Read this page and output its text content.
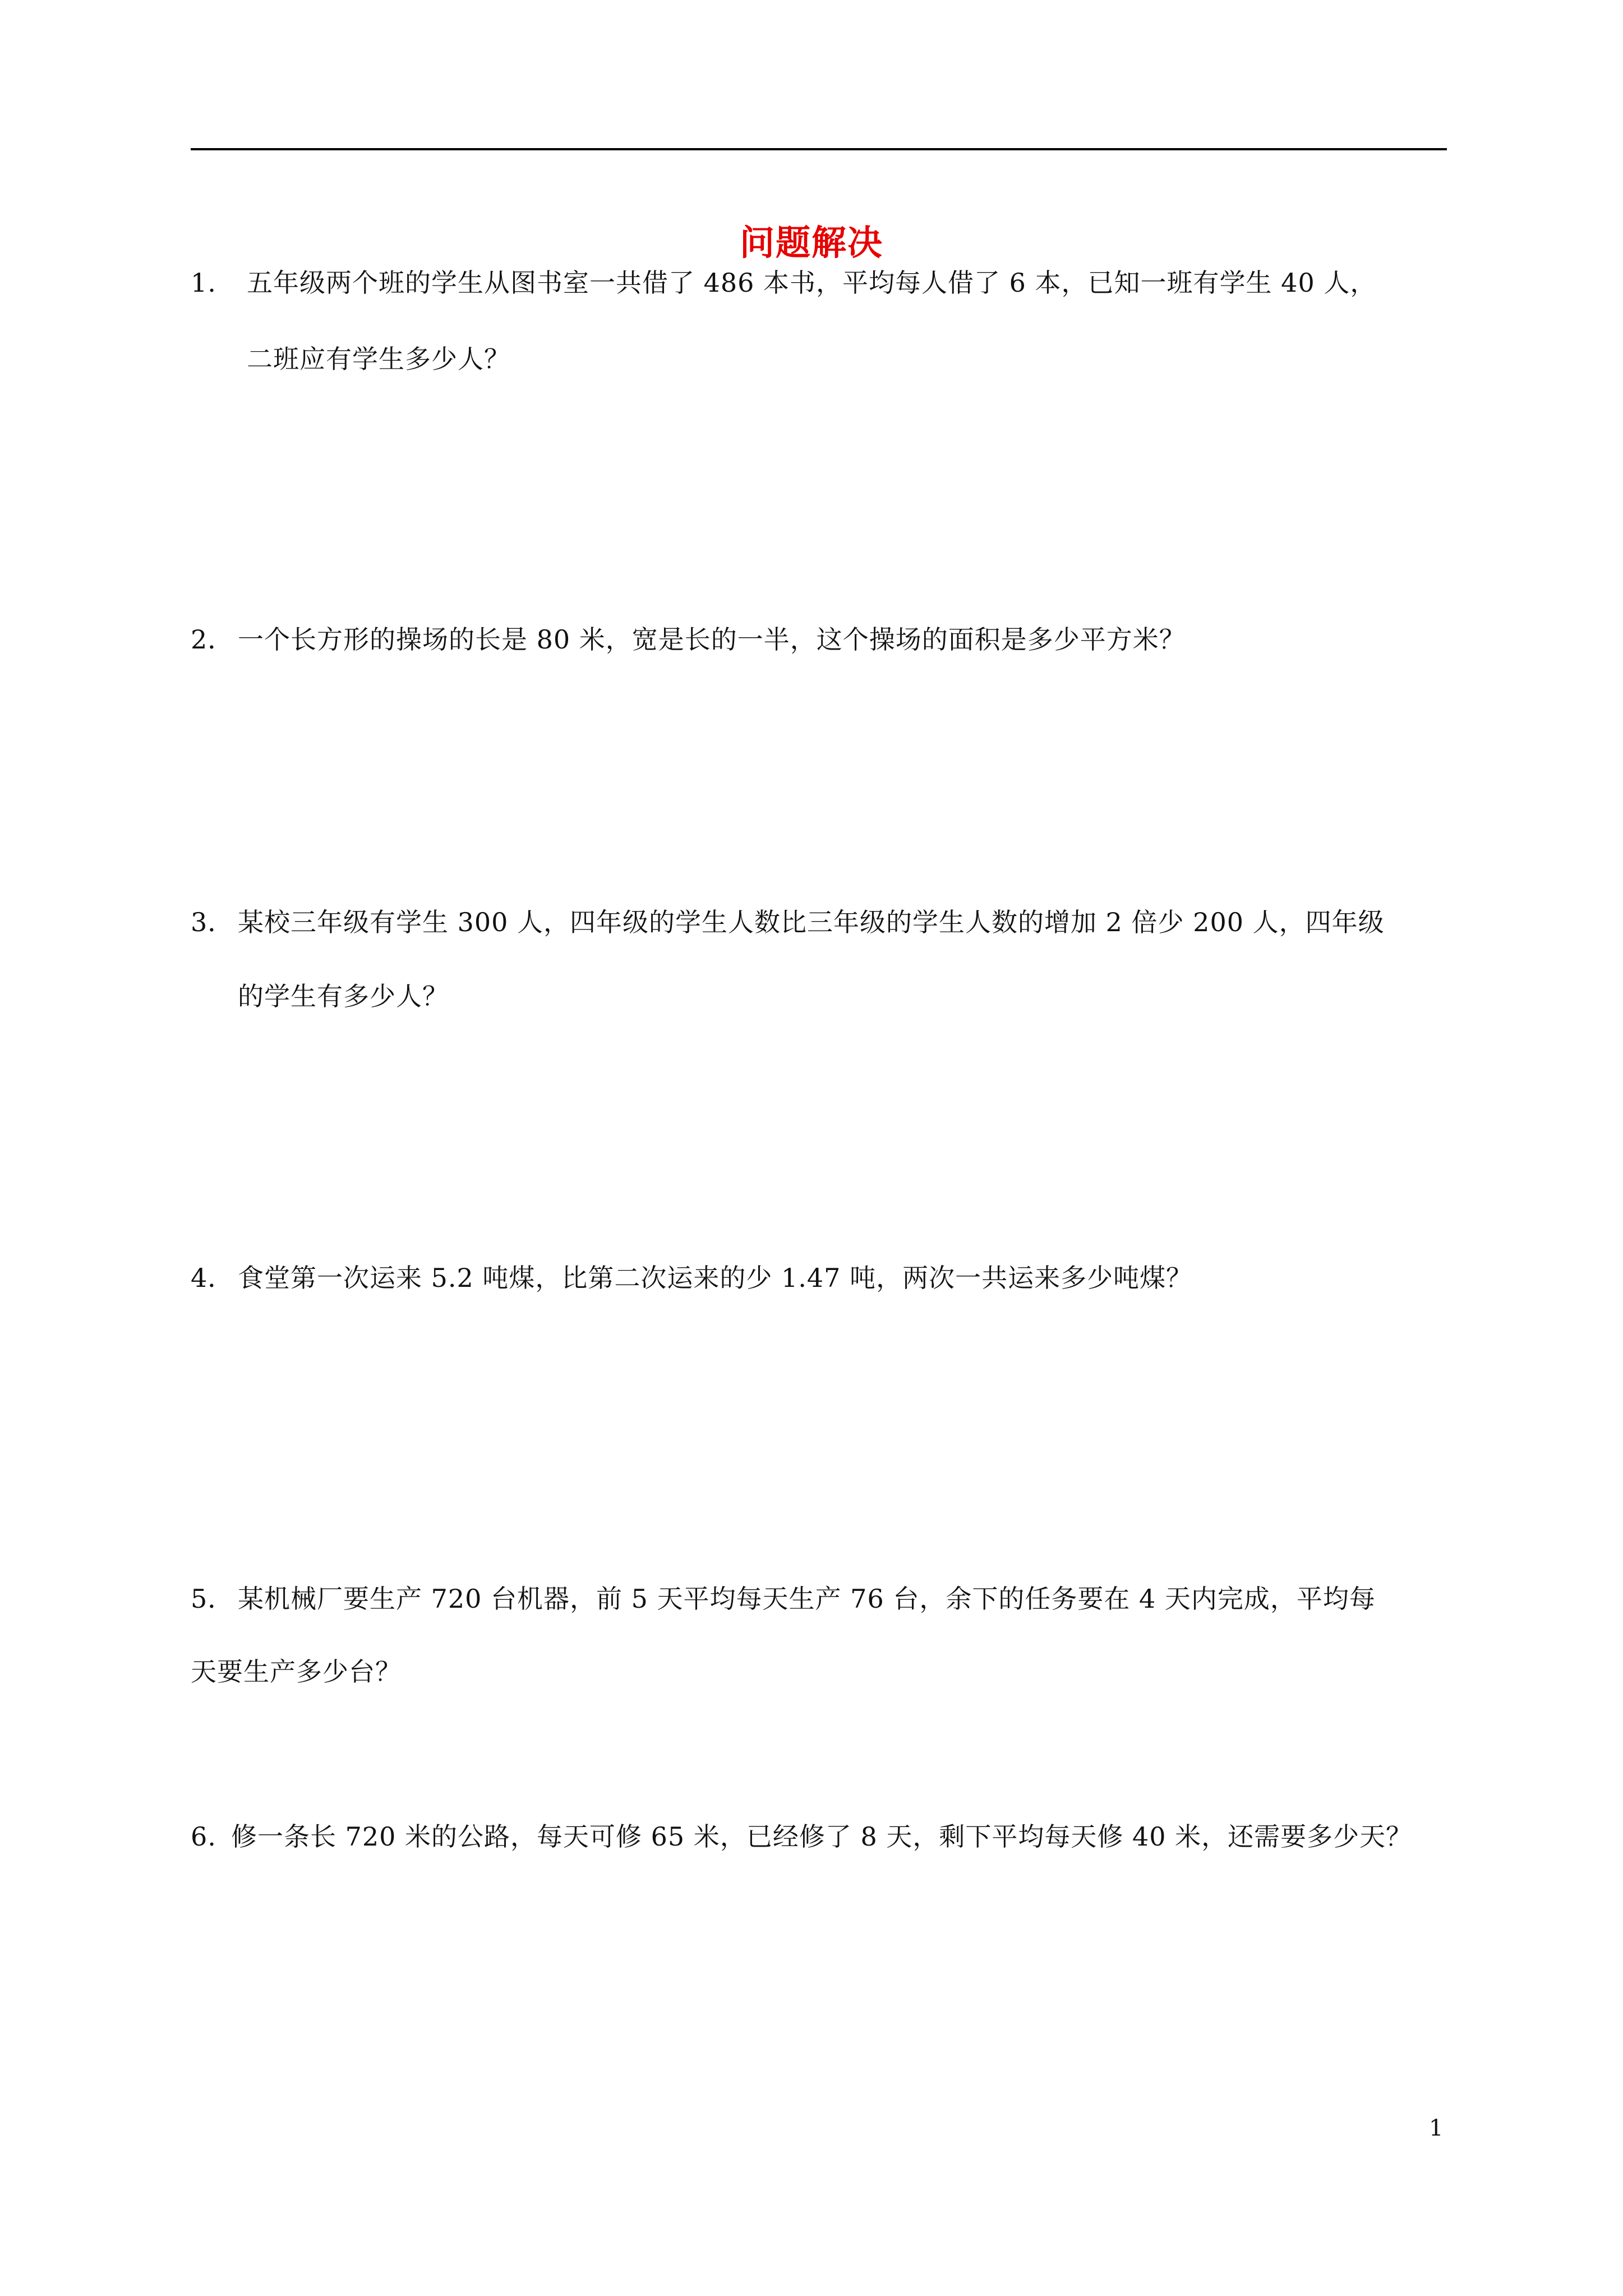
问题解决
1. 五年级两个班的学生从图书室一共借了 486 本书，平均每人借了 6 本，已知一班有学生 40 人，
二班应有学生多少人？
2． 一个长方形的操场的长是 80 米，宽是长的一半，这个操场的面积是多少平方米？
3． 某校三年级有学生 300 人，四年级的学生人数比三年级的学生人数的增加 2 倍少 200 人，四年级
的学生有多少人？
4． 食堂第一次运来 5.2 吨煤，比第二次运来的少 1.47 吨，两次一共运来多少吨煤？
5． 某机械厂要生产 720 台机器，前 5 天平均每天生产 76 台，余下的任务要在 4 天内完成，平均每
天要生产多少台？
6. 修一条长 720 米的公路，每天可修 65 米，已经修了 8 天，剩下平均每天修 40 米，还需要多少天？
1
